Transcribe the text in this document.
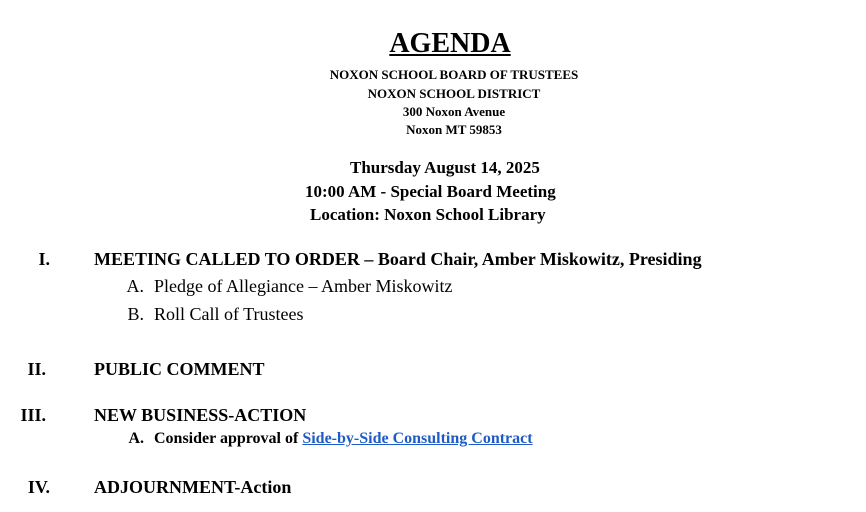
AGENDA
NOXON SCHOOL BOARD OF TRUSTEES
NOXON SCHOOL DISTRICT
300 Noxon Avenue
Noxon MT 59853
Thursday August 14, 2025
10:00 AM - Special Board Meeting
Location: Noxon School Library
I. MEETING CALLED TO ORDER – Board Chair, Amber Miskowitz, Presiding
A. Pledge of Allegiance – Amber Miskowitz
B. Roll Call of Trustees
II.	PUBLIC COMMENT
III.	NEW BUSINESS-ACTION
A. Consider approval of Side-by-Side Consulting Contract
IV. ADJOURNMENT-Action
